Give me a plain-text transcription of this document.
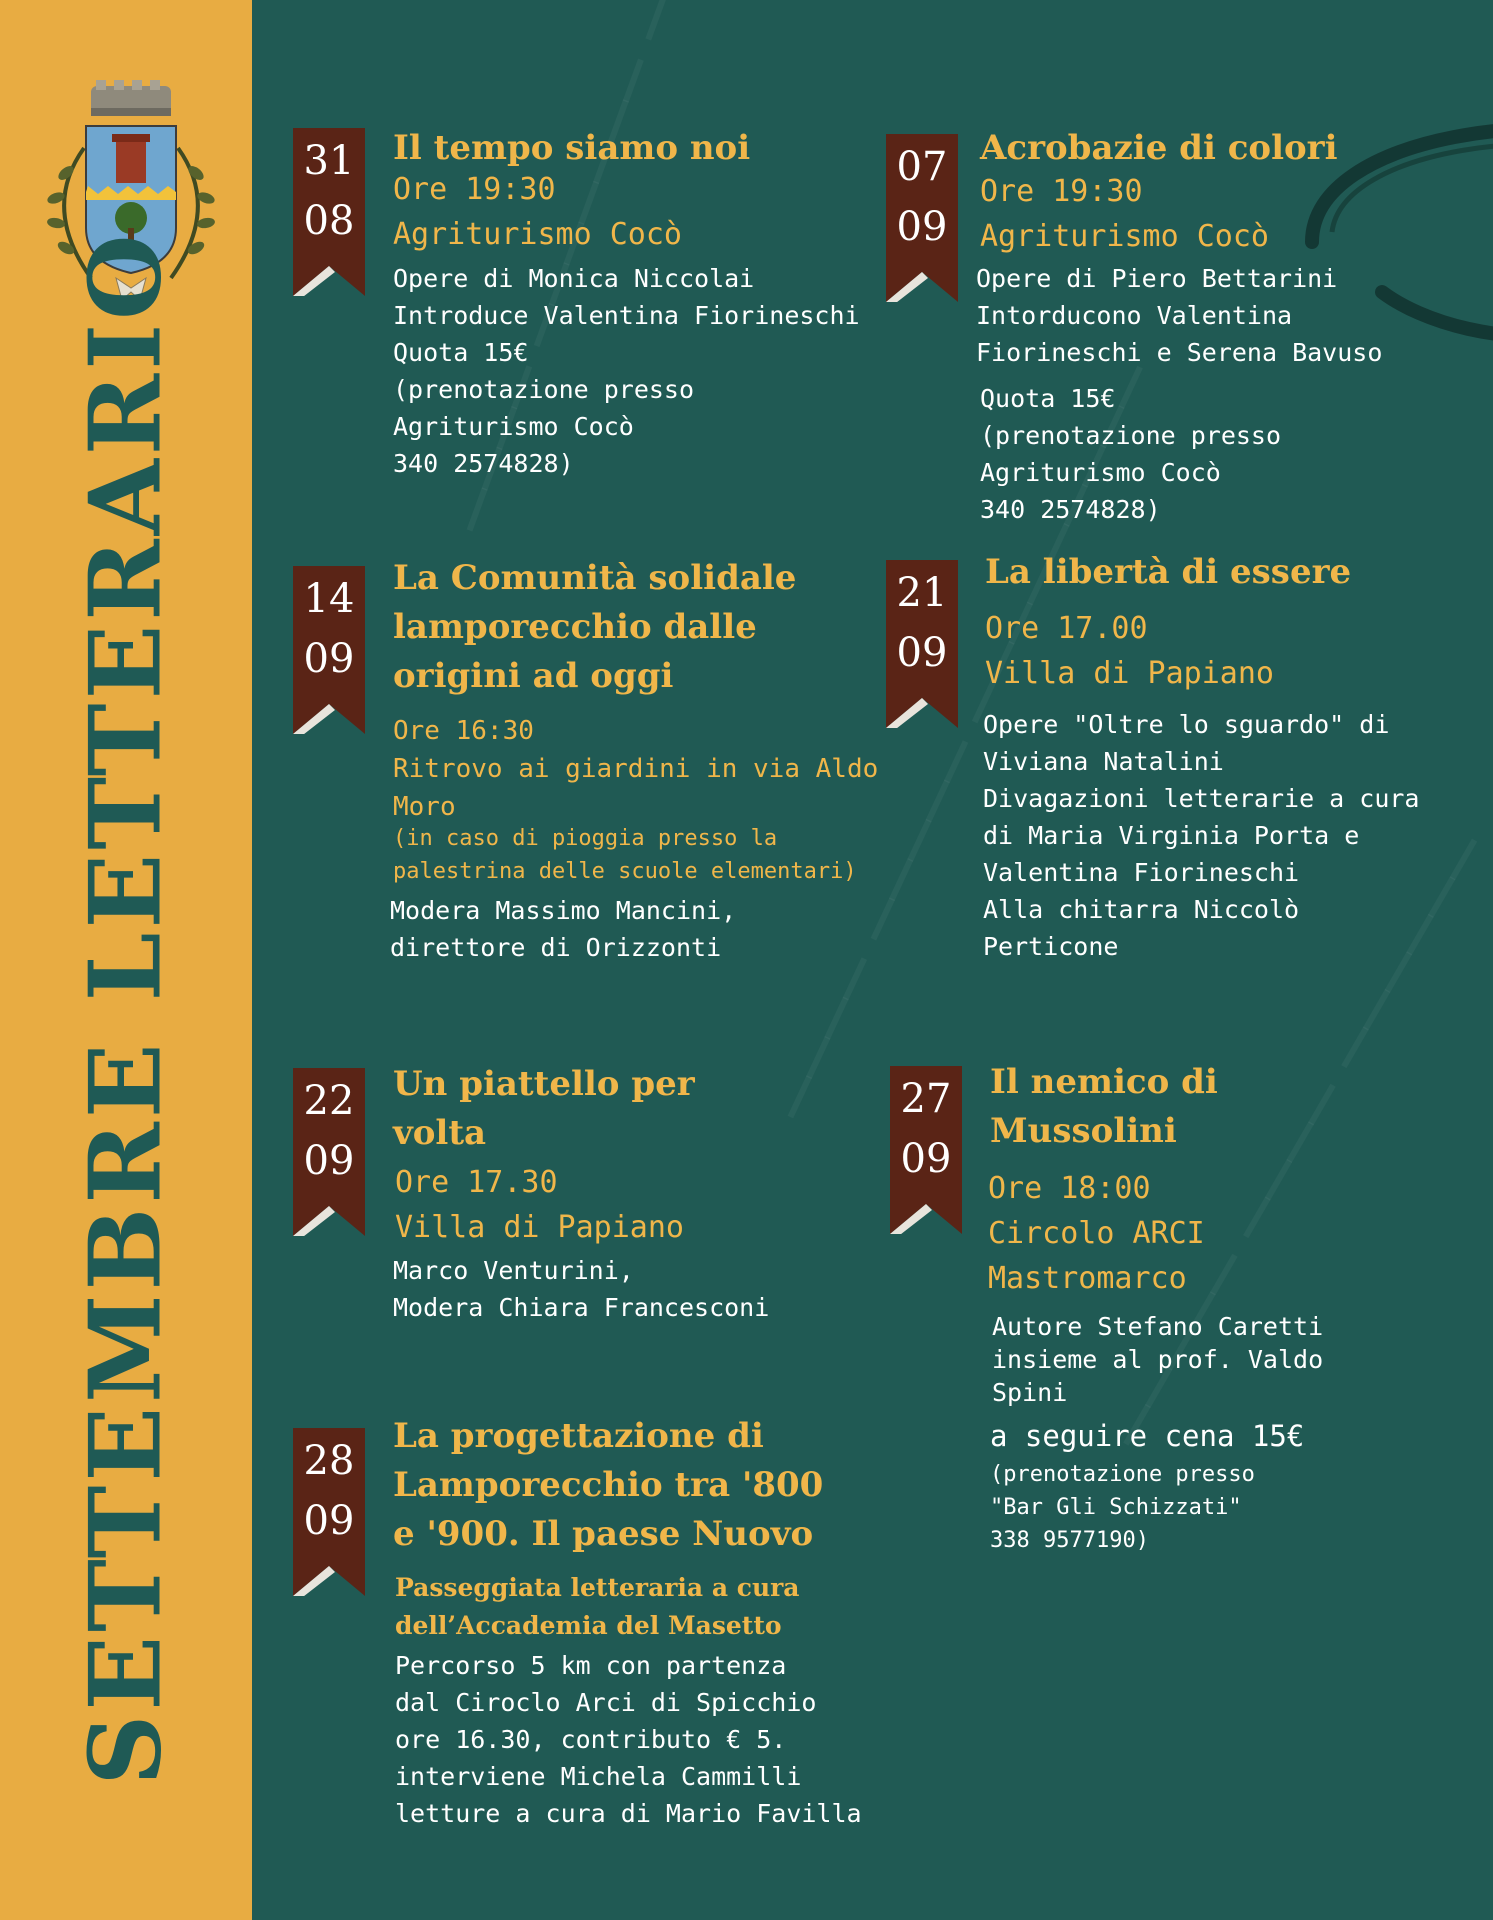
SETTEMBRE LETTERARIO
31
08
Il tempo siamo noi
Ore 19:30
Agriturismo Cocò
Opere di Monica Niccolai
Introduce Valentina Fiorineschi
Quota 15€
(prenotazione presso
Agriturismo Cocò
340 2574828)
07
09
Acrobazie di colori
Ore 19:30
Agriturismo Cocò
Opere di Piero Bettarini
Intorducono Valentina
Fiorineschi e Serena Bavuso
Quota 15€
(prenotazione presso
Agriturismo Cocò
340 2574828)
14
09
La Comunità solidale
lamporecchio dalle
origini ad oggi
Ore 16:30
Ritrovo ai giardini in via Aldo
Moro
(in caso di pioggia presso la
palestrina delle scuole elementari)
Modera Massimo Mancini,
direttore di Orizzonti
21
09
La libertà di essere
Ore 17.00
Villa di Papiano
Opere "Oltre lo sguardo" di
Viviana Natalini
Divagazioni letterarie a cura
di Maria Virginia Porta e
Valentina Fiorineschi
Alla chitarra Niccolò
Perticone
22
09
Un piattello per
volta
Ore 17.30
Villa di Papiano
Marco Venturini,
Modera Chiara Francesconi
27
09
Il nemico di
Mussolini
Ore 18:00
Circolo ARCI
Mastromarco
Autore Stefano Caretti
insieme al prof. Valdo
Spini
a seguire cena 15€
(prenotazione presso
"Bar Gli Schizzati"
338 9577190)
28
09
La progettazione di
Lamporecchio tra '800
e '900. Il paese Nuovo
Passeggiata letteraria a cura
dell’Accademia del Masetto
Percorso 5 km con partenza
dal Ciroclo Arci di Spicchio
ore 16.30, contributo € 5.
interviene Michela Cammilli
letture a cura di Mario Favilla
